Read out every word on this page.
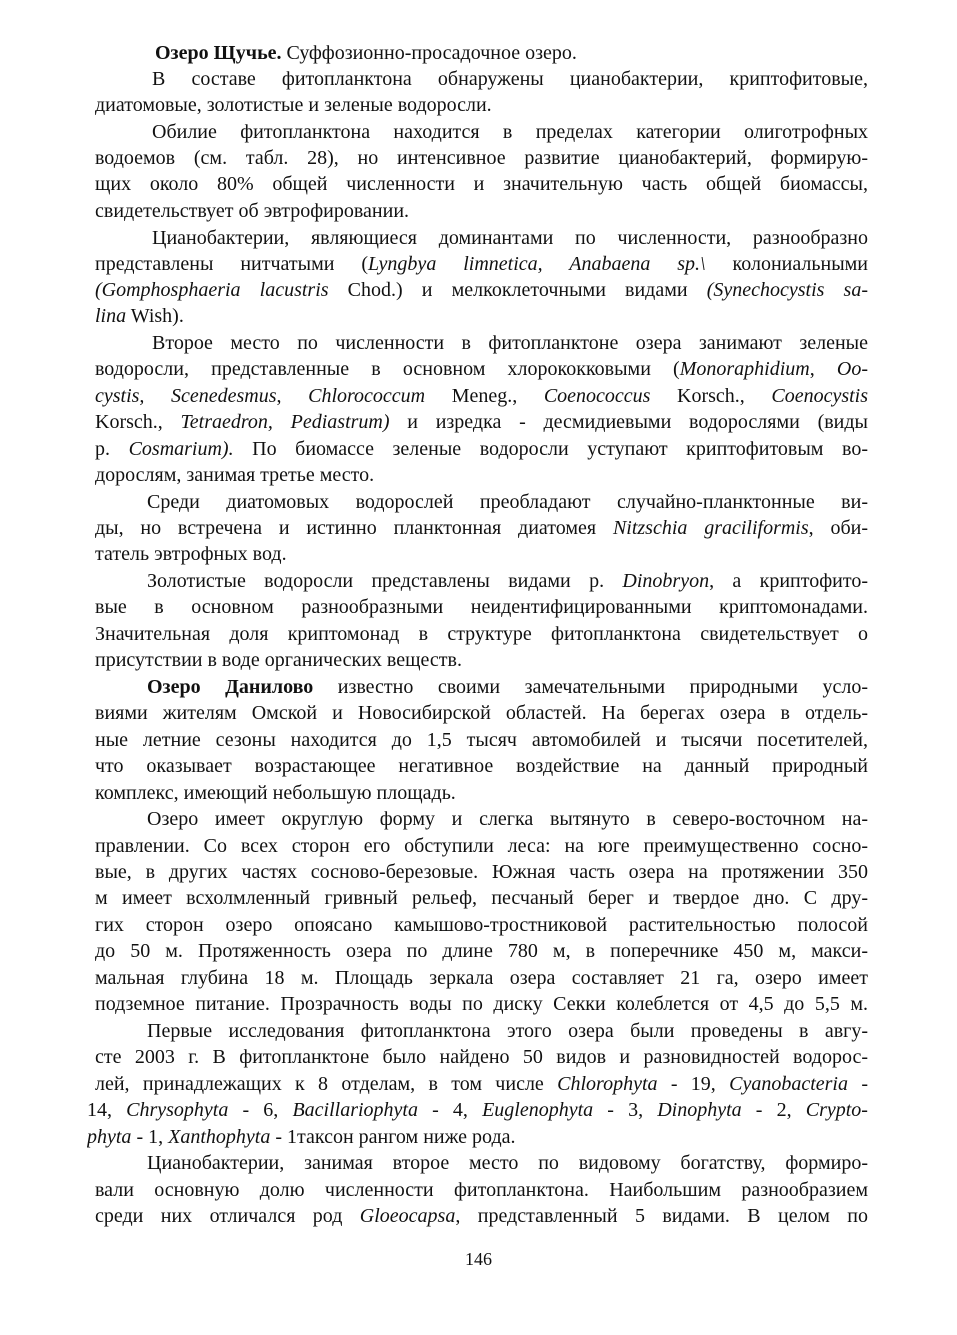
Озеро Щучье. Суффозионно-просадочное озеро.
В составе фитопланктона обнаружены цианобактерии, криптофитовые,
диатомовые, золотистые и зеленые водоросли.
Обилие фитопланктона находится в пределах категории олиготрофных
водоемов (см. табл. 28), но интенсивное развитие цианобактерий, формирую-
щих около 80% общей численности и значительную часть общей биомассы,
свидетельствует об эвтрофировании.
Цианобактерии, являющиеся доминантами по численности, разнообразно
представлены нитчатыми (Lyngbya limnetica, Anabaena sp.\ колониальными
(Gomphosphaeria lacustris Chod.) и мелкоклеточными видами (Synechocystis sa-
lina Wish).
Второе место по численности в фитопланктоне озера занимают зеленые
водоросли, представленные в основном хлорококковыми (Monoraphidium, Oo-
cystis, Scenedesmus, Chlorococcum Meneg., Coenococcus Korsch., Coenocystis
Korsch., Tetraedron, Pediastrum) и изредка - десмидиевыми водорослями (виды
р. Cosmarium). По биомассе зеленые водоросли уступают криптофитовым во-
дорослям, занимая третье место.
Среди диатомовых водорослей преобладают случайно-планктонные ви-
ды, но встречена и истинно планктонная диатомея Nitzschia graciliformis, оби-
татель эвтрофных вод.
Золотистые водоросли представлены видами р. Dinobryon, а криптофито-
вые в основном разнообразными неидентифицированными криптомонадами.
Значительная доля криптомонад в структуре фитопланктона свидетельствует о
присутствии в воде органических веществ.
Озеро Данилово известно своими замечательными природными усло-
виями жителям Омской и Новосибирской областей. На берегах озера в отдель-
ные летние сезоны находится до 1,5 тысяч автомобилей и тысячи посетителей,
что оказывает возрастающее негативное воздействие на данный природный
комплекс, имеющий небольшую площадь.
Озеро имеет округлую форму и слегка вытянуто в северо-восточном на-
правлении. Со всех сторон его обступили леса: на юге преимущественно сосно-
вые, в других частях сосново-березовые. Южная часть озера на протяжении 350
м имеет всхолмленный гривный рельеф, песчаный берег и твердое дно. С дру-
гих сторон озеро опоясано камышово-тростниковой растительностью полосой
до 50 м. Протяженность озера по длине 780 м, в поперечнике 450 м, макси-
мальная глубина 18 м. Площадь зеркала озера составляет 21 га, озеро имеет
подземное питание. Прозрачность воды по диску Секки колеблется от 4,5 до 5,5 м.
Первые исследования фитопланктона этого озера были проведены в авгу-
сте 2003 г. В фитопланктоне было найдено 50 видов и разновидностей водорос-
лей, принадлежащих к 8 отделам, в том числе Chlorophyta - 19, Cyanobacteria -
14, Chrysophyta - 6, Bacillariophyta - 4, Euglenophyta - 3, Dinophyta - 2, Crypto-
phyta - 1, Xanthophyta - 1таксон рангом ниже рода.
Цианобактерии, занимая второе место по видовому богатству, формиро-
вали основную долю численности фитопланктона. Наибольшим разнообразием
среди них отличался род Gloeocapsa, представленный 5 видами. В целом по
146
